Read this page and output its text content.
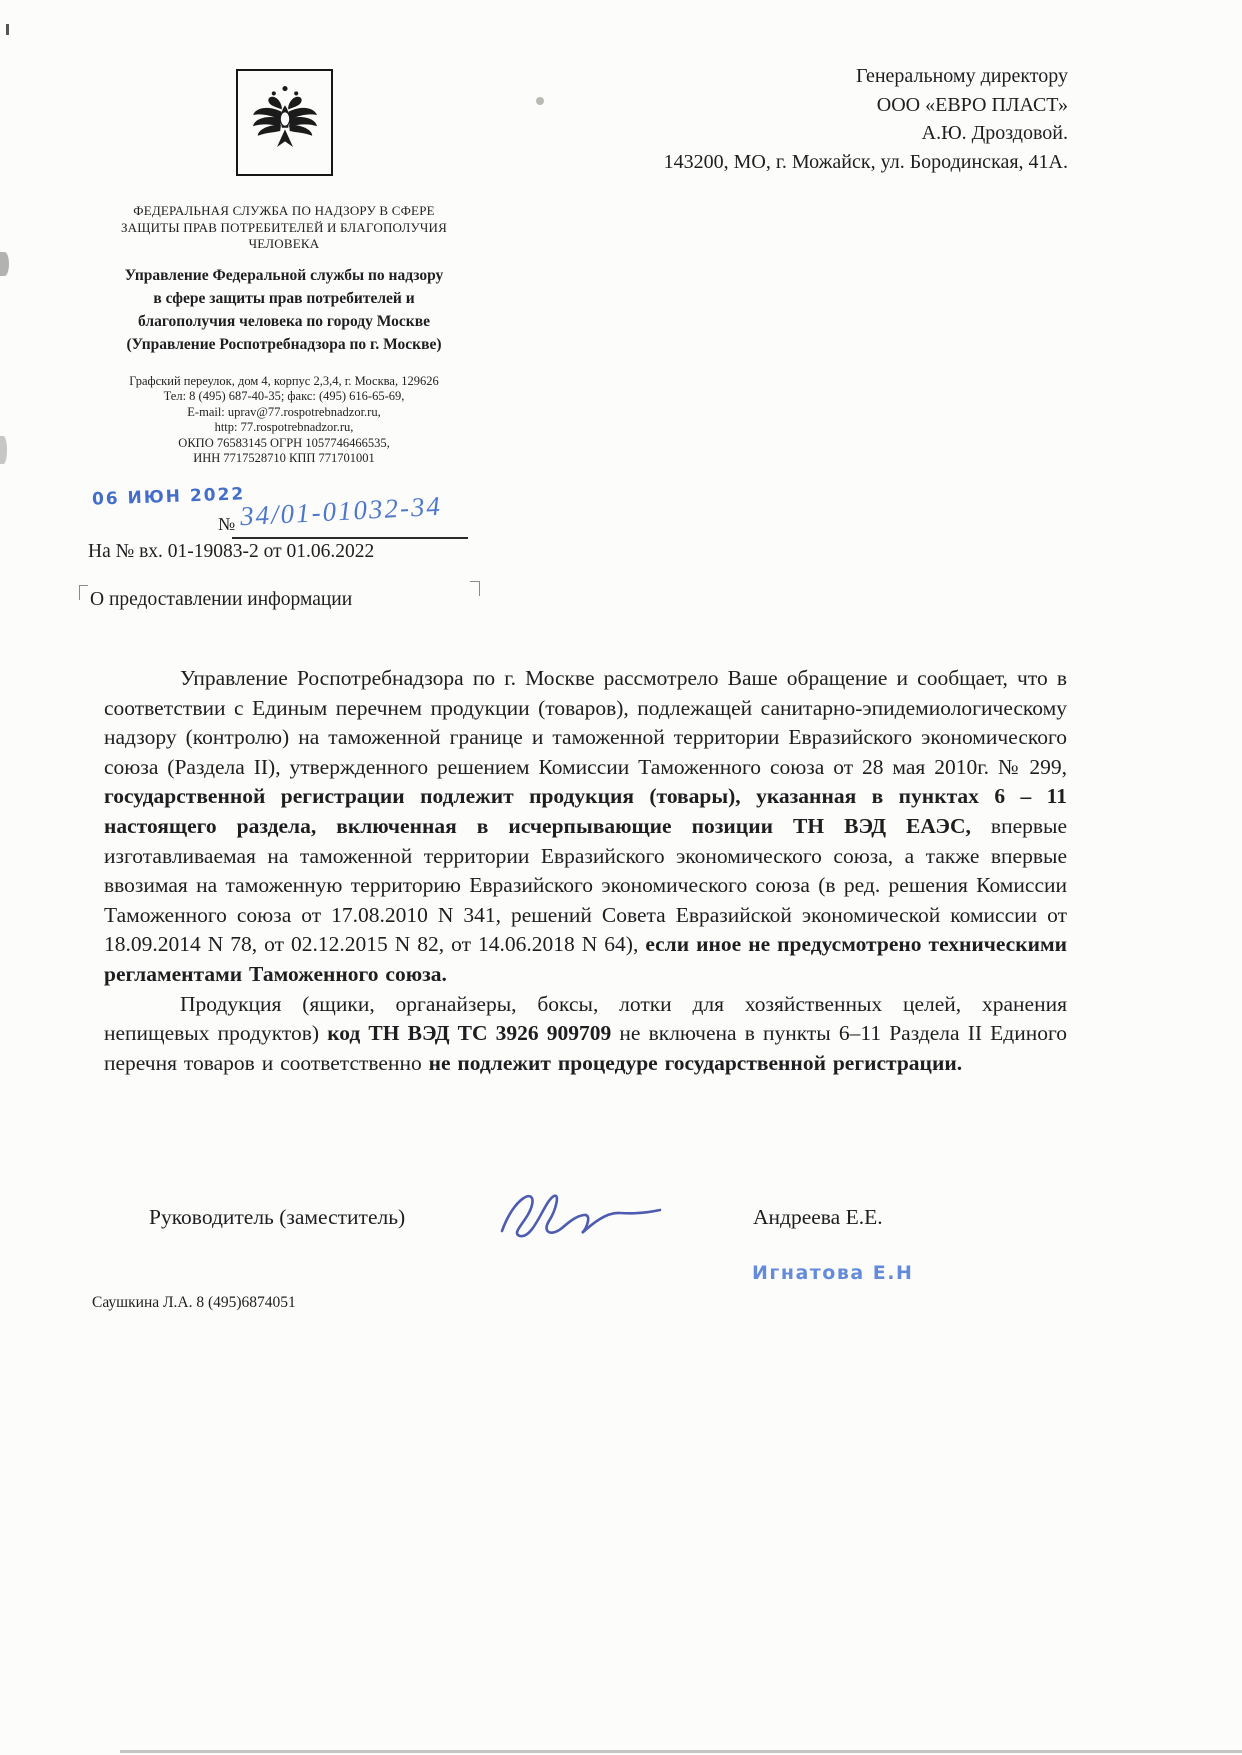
Генеральному директору
ООО «ЕВРО ПЛАСТ»
А.Ю. Дроздовой.
143200, МО, г. Можайск, ул. Бородинская, 41А.
ФЕДЕРАЛЬНАЯ СЛУЖБА ПО НАДЗОРУ В СФЕРЕ
ЗАЩИТЫ ПРАВ ПОТРЕБИТЕЛЕЙ И БЛАГОПОЛУЧИЯ
ЧЕЛОВЕКА
Управление Федеральной службы по надзору
в сфере защиты прав потребителей и
благополучия человека по городу Москве
(Управление Роспотребнадзора по г. Москве)
Графский переулок, дом 4, корпус 2,3,4, г. Москва, 129626
Тел: 8 (495) 687-40-35; факс: (495) 616-65-69,
E-mail: uprav@77.rospotrebnadzor.ru,
http: 77.rospotrebnadzor.ru,
ОКПО 76583145 ОГРН 1057746466535,
ИНН 7717528710 КПП 771701001
06 ИЮН 2022
№ 34/01-01032-34
На № вх. 01-19083-2 от 01.06.2022
О предоставлении информации

Управление Роспотребнадзора по г. Москве рассмотрело Ваше обращение и сообщает, что в соответствии с Единым перечнем продукции (товаров), подлежащей санитарно-эпидемиологическому надзору (контролю) на таможенной границе и таможенной территории Евразийского экономического союза (Раздела II), утвержденного решением Комиссии Таможенного союза от 28 мая 2010г. № 299, государственной регистрации подлежит продукция (товары), указанная в пунктах 6 – 11 настоящего раздела, включенная в исчерпывающие позиции ТН ВЭД ЕАЭС, впервые изготавливаемая на таможенной территории Евразийского экономического союза, а также впервые ввозимая на таможенную территорию Евразийского экономического союза (в ред. решения Комиссии Таможенного союза от 17.08.2010 N 341, решений Совета Евразийской экономической комиссии от 18.09.2014 N 78, от 02.12.2015 N 82, от 14.06.2018 N 64), если иное не предусмотрено техническими регламентами Таможенного союза.

Продукция (ящики, органайзеры, боксы, лотки для хозяйственных целей, хранения непищевых продуктов) код ТН ВЭД ТС 3926 909709 не включена в пункты 6–11 Раздела II Единого перечня товаров и соответственно не подлежит процедуре государственной регистрации.

Руководитель (заместитель)	Андреева Е.Е.
Игнатова Е.Н
Саушкина Л.А. 8 (495)6874051
